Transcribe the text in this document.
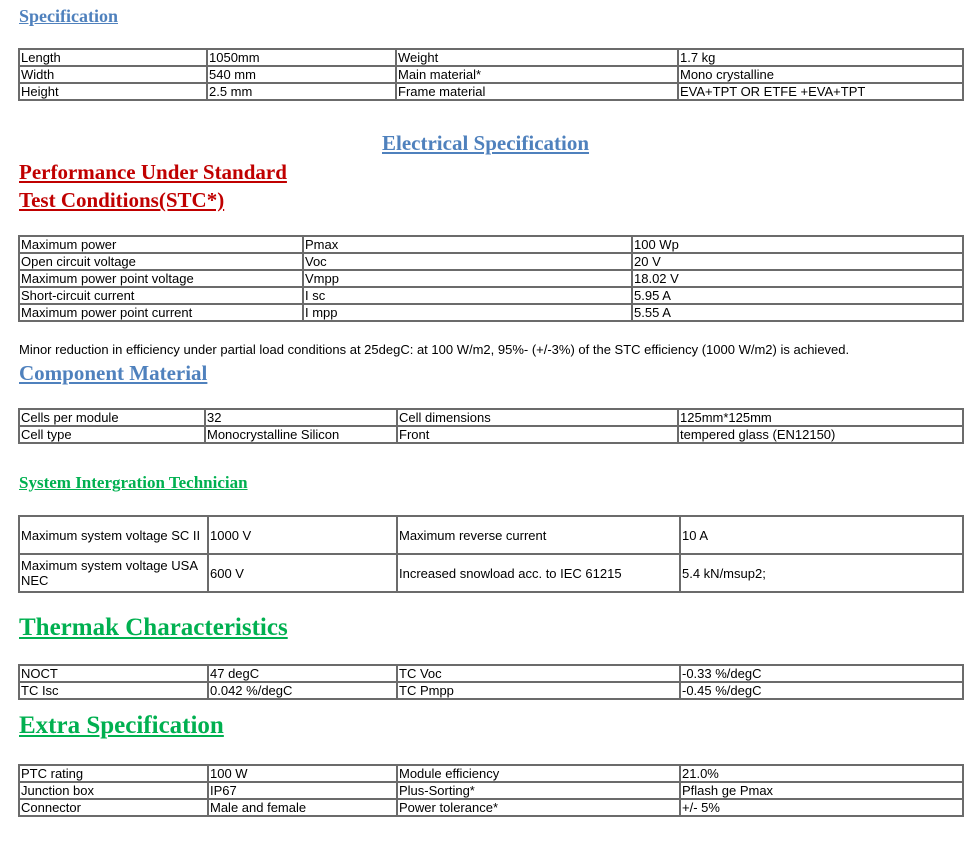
Specification
Length	1050mm	Weight	1.7 kg
Width	540 mm	Main material*	Mono crystalline
Height	2.5 mm	Frame material	EVA+TPT OR ETFE +EVA+TPT
Electrical Specification
Performance Under Standard
Test Conditions(STC*)
Maximum power	Pmax	100 Wp
Open circuit voltage	Voc	20 V
Maximum power point voltage	Vmpp	18.02 V
Short-circuit current	I sc	5.95 A
Maximum power point current	I mpp	5.55 A
Minor reduction in efficiency under partial load conditions at 25degC: at 100 W/m2, 95%- (+/-3%) of the STC efficiency (1000 W/m2) is achieved.
Component Material
Cells per module	32	Cell dimensions	125mm*125mm
Cell type	Monocrystalline Silicon	Front	tempered glass (EN12150)
System Intergration Technician
Maximum system voltage SC II	1000 V	Maximum reverse current	10 A
Maximum system voltage USA NEC	600 V	Increased snowload acc. to IEC 61215	5.4 kN/msup2;
Thermak Characteristics
NOCT	47 degC	TC Voc	-0.33 %/degC
TC Isc	0.042 %/degC	TC Pmpp	-0.45 %/degC
Extra Specification
PTC rating	100 W	Module efficiency	21.0%
Junction box	IP67	Plus-Sorting*	Pflash ge Pmax
Connector	Male and female	Power tolerance*	+/- 5%
